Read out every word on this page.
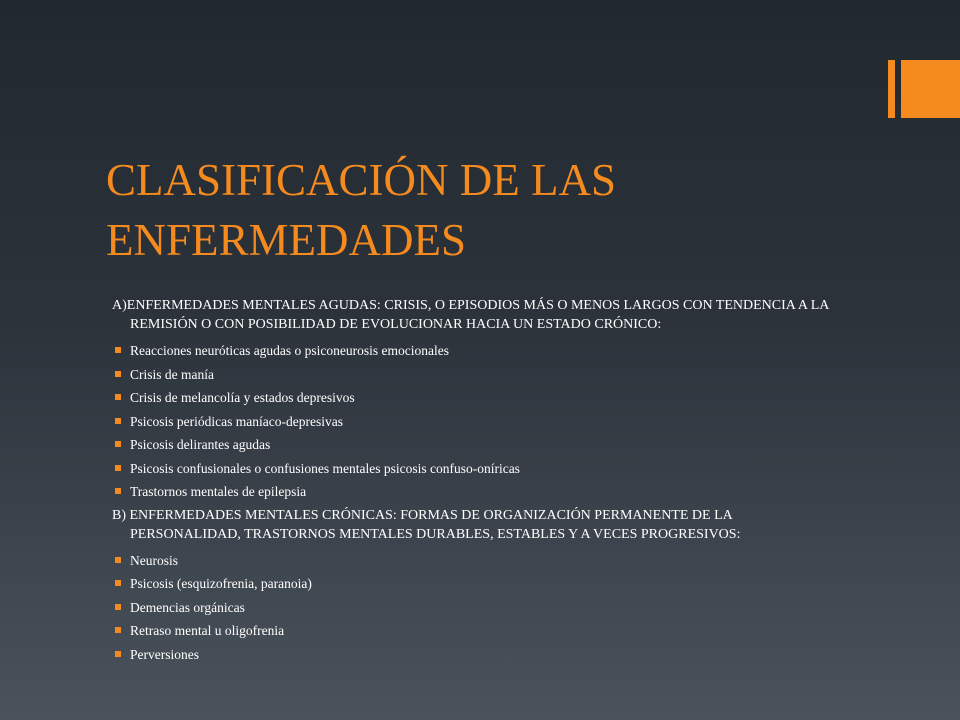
CLASIFICACIÓN DE LAS ENFERMEDADES

A)ENFERMEDADES MENTALES AGUDAS: CRISIS, O EPISODIOS MÁS O MENOS LARGOS CON TENDENCIA A LA REMISIÓN O CON POSIBILIDAD DE EVOLUCIONAR HACIA UN ESTADO CRÓNICO:

Reacciones neuróticas agudas o psiconeurosis emocionales
Crisis de manía
Crisis de melancolía y estados depresivos
Psicosis periódicas maníaco-depresivas
Psicosis delirantes agudas
Psicosis confusionales o confusiones mentales psicosis confuso-oníricas
Trastornos mentales de epilepsia

B) ENFERMEDADES MENTALES CRÓNICAS: FORMAS DE ORGANIZACIÓN PERMANENTE DE LA PERSONALIDAD, TRASTORNOS MENTALES DURABLES, ESTABLES Y A VECES PROGRESIVOS:

Neurosis
Psicosis (esquizofrenia, paranoia)
Demencias orgánicas
Retraso mental u oligofrenia
Perversiones
